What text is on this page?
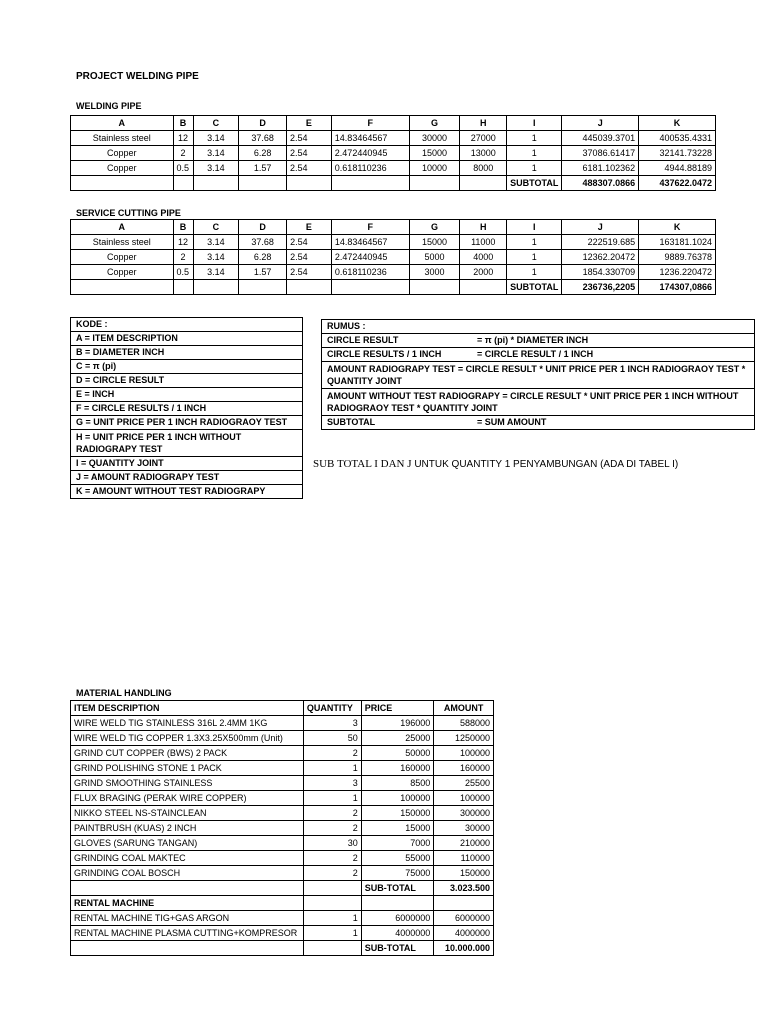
PROJECT WELDING PIPE
WELDING PIPE
A	B	C	D	E	F	G	H	I	J	K
Stainless steel	12	3.14	37.68	2.54	14.83464567	30000	27000	1	445039.3701	400535.4331
Copper	2	3.14	6.28	2.54	2.472440945	15000	13000	1	37086.61417	32141.73228
Copper	0.5	3.14	1.57	2.54	0.618110236	10000	8000	1	6181.102362	4944.88189
								SUBTOTAL	488307.0866	437622.0472
SERVICE CUTTING PIPE
A	B	C	D	E	F	G	H	I	J	K
Stainless steel	12	3.14	37.68	2.54	14.83464567	15000	11000	1	222519.685	163181.1024
Copper	2	3.14	6.28	2.54	2.472440945	5000	4000	1	12362.20472	9889.76378
Copper	0.5	3.14	1.57	2.54	0.618110236	3000	2000	1	1854.330709	1236.220472
								SUBTOTAL	236736,2205	174307,0866
KODE :
A = ITEM DESCRIPTION
B = DIAMETER INCH
C = π (pi)
D = CIRCLE RESULT
E = INCH
F = CIRCLE RESULTS / 1 INCH
G = UNIT PRICE PER 1 INCH RADIOGRAOY TEST
H = UNIT PRICE PER 1 INCH WITHOUT RADIOGRAPY TEST
I = QUANTITY JOINT
J = AMOUNT RADIOGRAPY TEST
K = AMOUNT WITHOUT TEST RADIOGRAPY
RUMUS :
CIRCLE RESULT	= π (pi) * DIAMETER INCH
CIRCLE RESULTS / 1 INCH	= CIRCLE RESULT / 1 INCH
AMOUNT RADIOGRAPY TEST = CIRCLE RESULT * UNIT PRICE PER 1 INCH RADIOGRAOY TEST * QUANTITY JOINT
AMOUNT WITHOUT TEST RADIOGRAPY = CIRCLE RESULT * UNIT PRICE PER 1 INCH WITHOUT RADIOGRAOY TEST * QUANTITY JOINT
SUBTOTAL	= SUM AMOUNT
SUB TOTAL I DAN J UNTUK QUANTITY 1 PENYAMBUNGAN (ADA DI TABEL I)
MATERIAL HANDLING
ITEM DESCRIPTION	QUANTITY	PRICE	AMOUNT
WIRE WELD TIG STAINLESS 316L 2.4MM 1KG	3	196000	588000
WIRE WELD TIG COPPER 1.3X3.25X500mm (Unit)	50	25000	1250000
GRIND CUT COPPER (BWS) 2 PACK	2	50000	100000
GRIND POLISHING STONE 1 PACK	1	160000	160000
GRIND SMOOTHING STAINLESS	3	8500	25500
FLUX BRAGING (PERAK WIRE COPPER)	1	100000	100000
NIKKO STEEL NS-STAINCLEAN	2	150000	300000
PAINTBRUSH (KUAS) 2 INCH	2	15000	30000
GLOVES (SARUNG TANGAN)	30	7000	210000
GRINDING COAL MAKTEC	2	55000	110000
GRINDING COAL BOSCH	2	75000	150000
		SUB-TOTAL	3.023.500
RENTAL MACHINE			
RENTAL MACHINE TIG+GAS ARGON	1	6000000	6000000
RENTAL MACHINE PLASMA CUTTING+KOMPRESOR	1	4000000	4000000
		SUB-TOTAL	10.000.000
